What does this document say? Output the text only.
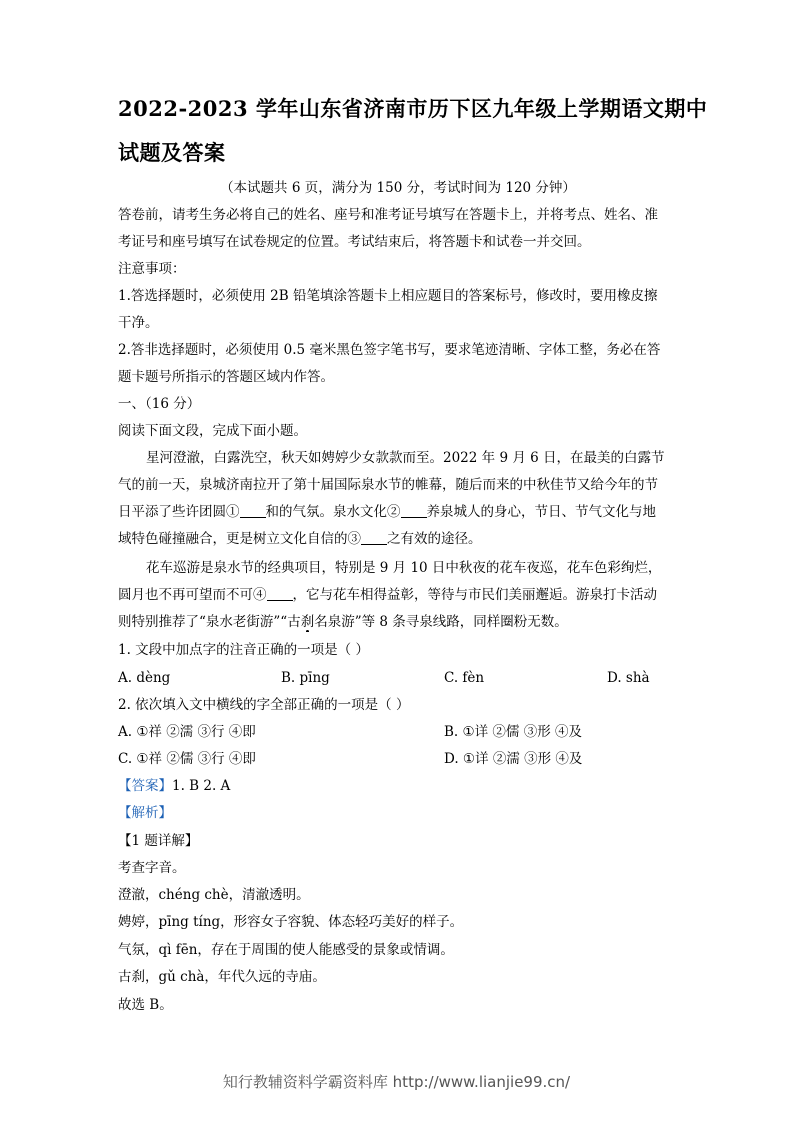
2022-2023 学年山东省济南市历下区九年级上学期语文期中
试题及答案
（本试题共 6 页，满分为 150 分，考试时间为 120 分钟）
答卷前，请考生务必将自己的姓名、座号和准考证号填写在答题卡上，并将考点、姓名、准
考证号和座号填写在试卷规定的位置。考试结束后，将答题卡和试卷一并交回。
注意事项：
1.答选择题时，必须使用 2B 铅笔填涂答题卡上相应题目的答案标号，修改时，要用橡皮擦
干净。
2.答非选择题时，必须使用 0.5 毫米黑色签字笔书写，要求笔迹清晰、字体工整，务必在答
题卡题号所指示的答题区域内作答。
一、（16 分）
阅读下面文段，完成下面小题。
星河澄澈，白露洗空，秋天如娉婷少女款款而至。2022 年 9 月 6 日，在最美的白露节
气的前一天，泉城济南拉开了第十届国际泉水节的帷幕，随后而来的中秋佳节又给今年的节
日平添了些许团圆① 和的气氛。泉水文化② 养泉城人的身心，节日、节气文化与地
域特色碰撞融合，更是树立文化自信的③ 之有效的途径。
花车巡游是泉水节的经典项目，特别是 9 月 10 日中秋夜的花车夜巡，花车色彩绚烂，
圆月也不再可望而不可④ ，它与花车相得益彰，等待与市民们美丽邂逅。游泉打卡活动
则特别推荐了“泉水老街游”“古刹名泉游”等 8 条寻泉线路，同样圈粉无数。
1. 文段中加点字的注音正确的一项是（ ）
A. dèng	B. pīng	C. fèn	D. shà
2. 依次填入文中横线的字全部正确的一项是（ ）
A. ①祥 ②濡 ③行 ④即	B. ①详 ②儒 ③形 ④及
C. ①祥 ②儒 ③行 ④即	D. ①详 ②濡 ③形 ④及
【答案】1. B 2. A
【解析】
【1 题详解】
考查字音。
澄澈，chéng chè，清澈透明。
娉婷，pīng tíng，形容女子容貌、体态轻巧美好的样子。
气氛，qì fēn，存在于周围的使人能感受的景象或情调。
古刹，gǔ chà，年代久远的寺庙。
故选 B。
知行教辅资料学霸资料库 http://www.lianjie99.cn/
